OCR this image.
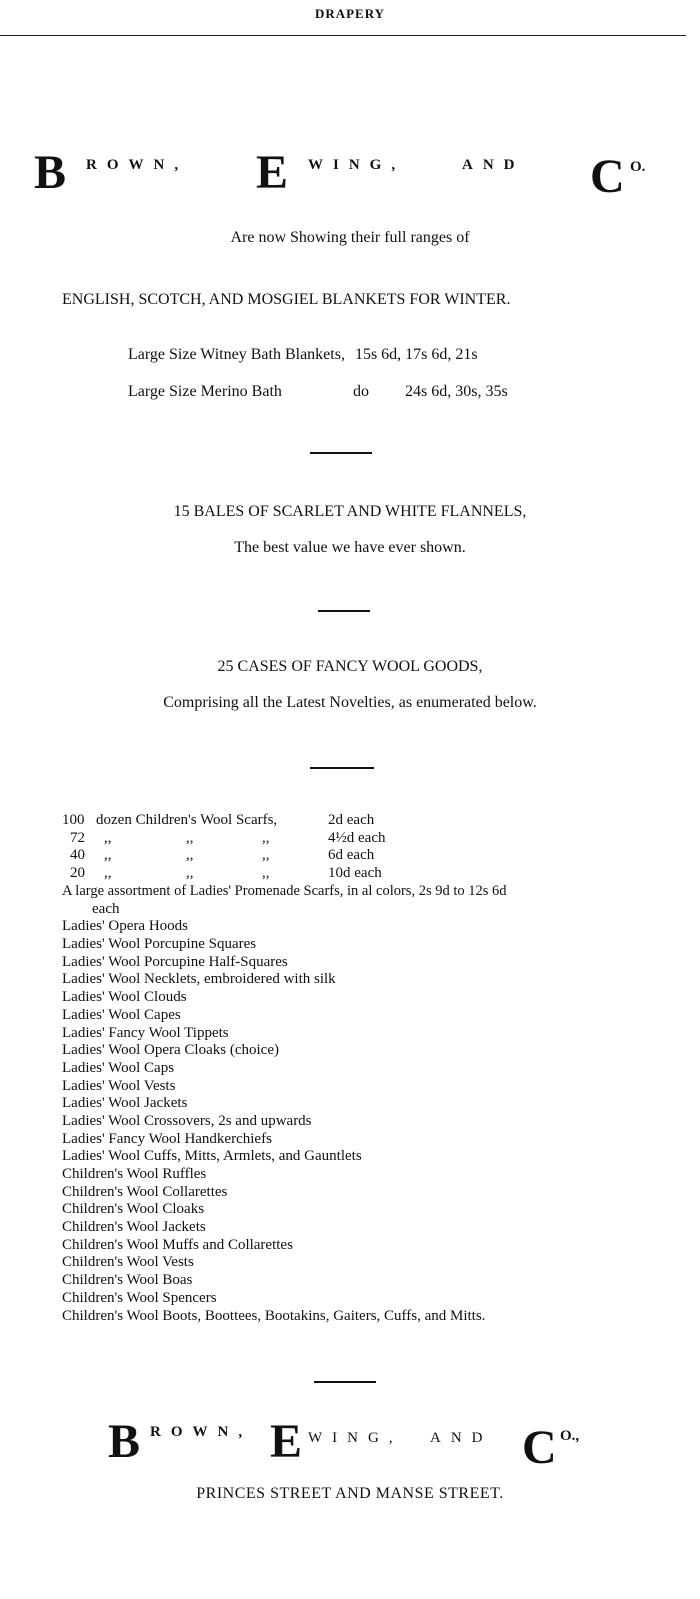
DRAPERY
B ROWN, E WING,	AND C O.
Are now Showing their full ranges of
ENGLISH, SCOTCH, AND MOSGIEL BLANKETS FOR WINTER.
Large Size Witney Bath Blankets, 15s 6d, 17s 6d, 21s
Large Size Merino Bath	do 24s 6d, 30s, 35s
15 BALES OF SCARLET AND WHITE FLANNELS,
The best value we have ever shown.
25 CASES OF FANCY WOOL GOODS,
Comprising all the Latest Novelties, as enumerated below.
100 dozen Children's Wool Scarfs,	2d each
72 ,,	,,	,,	4½d each
40 ,,	,,	,,	6d each
20 ,,	,,	,,	10d each
A large assortment of Ladies' Promenade Scarfs, in al colors, 2s 9d to 12s 6d
each
Ladies' Opera Hoods
Ladies' Wool Porcupine Squares
Ladies' Wool Porcupine Half-Squares
Ladies' Wool Necklets, embroidered with silk
Ladies' Wool Clouds
Ladies' Wool Capes
Ladies' Fancy Wool Tippets
Ladies' Wool Opera Cloaks (choice)
Ladies' Wool Caps
Ladies' Wool Vests
Ladies' Wool Jackets
Ladies' Wool Crossovers, 2s and upwards
Ladies' Fancy Wool Handkerchiefs
Ladies' Wool Cuffs, Mitts, Armlets, and Gauntlets
Children's Wool Ruffles
Children's Wool Collarettes
Children's Wool Cloaks
Children's Wool Jackets
Children's Wool Muffs and Collarettes
Children's Wool Vests
Children's Wool Boas
Children's Wool Spencers
Children's Wool Boots, Boottees, Bootakins, Gaiters, Cuffs, and Mitts.
B ROWN, E WING, AND C O.,
PRINCES STREET AND MANSE STREET.
